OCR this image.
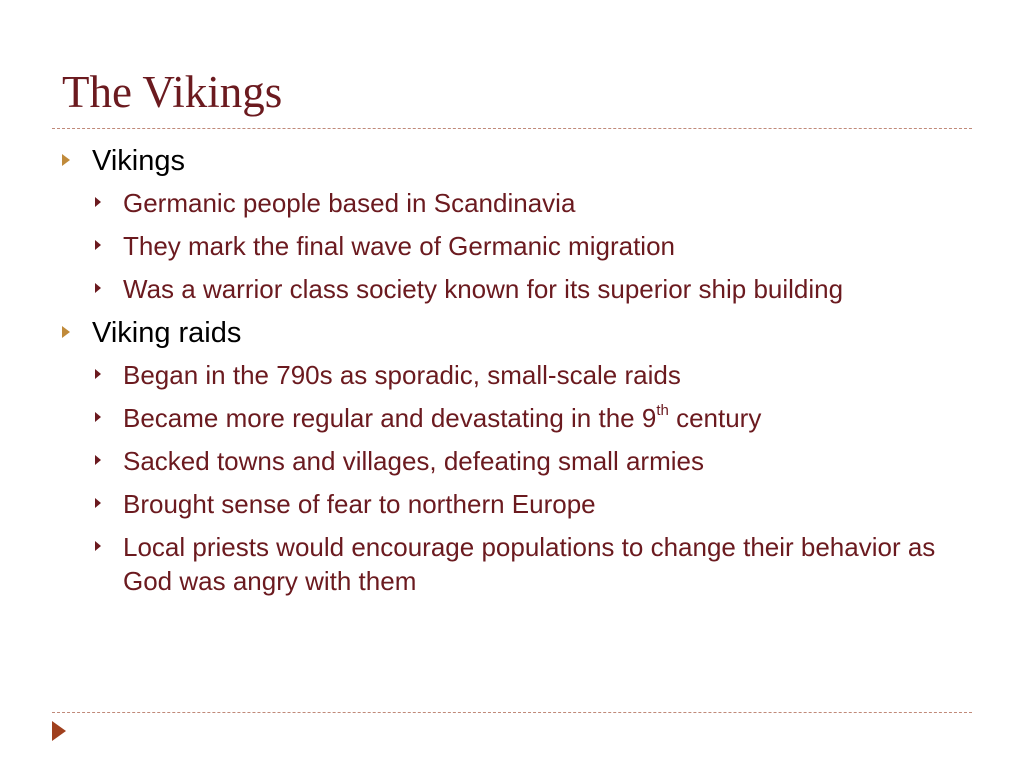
The Vikings
Vikings
Germanic people based in Scandinavia
They mark the final wave of Germanic migration
Was a warrior class society known for its superior ship building
Viking raids
Began in the 790s as sporadic, small-scale raids
Became more regular and devastating in the 9th century
Sacked towns and villages, defeating small armies
Brought sense of fear to northern Europe
Local priests would encourage populations to change their behavior as God was angry with them
